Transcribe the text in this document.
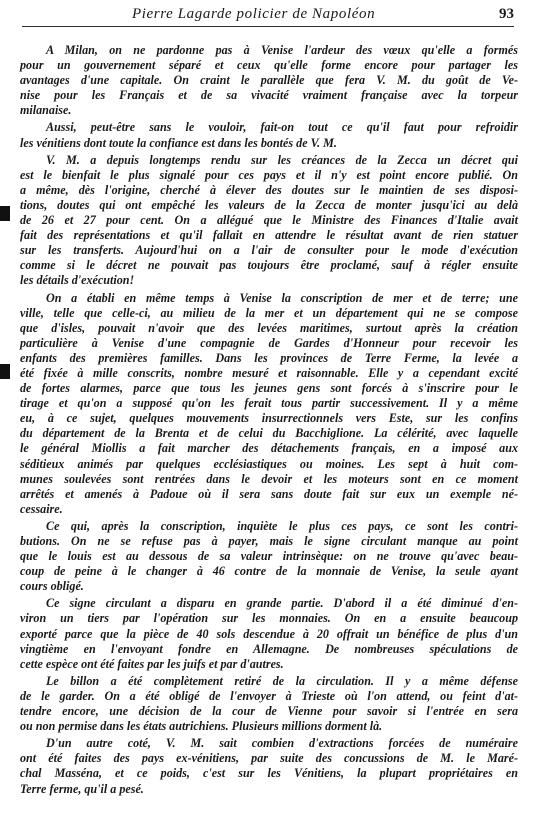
Pierre Lagarde policier de Napoléon	93
A Milan, on ne pardonne pas à Venise l'ardeur des vœux qu'elle a formés
pour un gouvernement séparé et ceux qu'elle forme encore pour partager les
avantages d'une capitale. On craint le parallèle que fera V. M. du goût de Ve-
nise pour les Français et de sa vivacité vraiment française avec la torpeur
milanaise.
Aussi, peut-être sans le vouloir, fait-on tout ce qu'il faut pour refroidir
les vénitiens dont toute la confiance est dans les bontés de V. M.
V. M. a depuis longtemps rendu sur les créances de la Zecca un décret qui
est le bienfait le plus signalé pour ces pays et il n'y est point encore publié. On
a même, dès l'origine, cherché à élever des doutes sur le maintien de ses disposi-
tions, doutes qui ont empêché les valeurs de la Zecca de monter jusqu'ici au delà
de 26 et 27 pour cent. On a allégué que le Ministre des Finances d'Italie avait
fait des représentations et qu'il fallait en attendre le résultat avant de rien statuer
sur les transferts. Aujourd'hui on a l'air de consulter pour le mode d'exécution
comme si le décret ne pouvait pas toujours être proclamé, sauf à régler ensuite
les détails d'exécution!
On a établi en même temps à Venise la conscription de mer et de terre; une
ville, telle que celle-ci, au milieu de la mer et un département qui ne se compose
que d'isles, pouvait n'avoir que des levées maritimes, surtout après la création
particulière à Venise d'une compagnie de Gardes d'Honneur pour recevoir les
enfants des premières familles. Dans les provinces de Terre Ferme, la levée a
été fixée à mille conscrits, nombre mesuré et raisonnable. Elle y a cependant excité
de fortes alarmes, parce que tous les jeunes gens sont forcés à s'inscrire pour le
tirage et qu'on a supposé qu'on les ferait tous partir successivement. Il y a même
eu, à ce sujet, quelques mouvements insurrectionnels vers Este, sur les confins
du département de la Brenta et de celui du Bacchiglione. La célérité, avec laquelle
le général Miollis a fait marcher des détachements français, en a imposé aux
séditieux animés par quelques ecclésiastiques ou moines. Les sept à huit com-
munes soulevées sont rentrées dans le devoir et les moteurs sont en ce moment
arrêtés et amenés à Padoue où il sera sans doute fait sur eux un exemple né-
cessaire.
Ce qui, après la conscription, inquiète le plus ces pays, ce sont les contri-
butions. On ne se refuse pas à payer, mais le signe circulant manque au point
que le louis est au dessous de sa valeur intrinsèque: on ne trouve qu'avec beau-
coup de peine à le changer à 46 contre de la monnaie de Venise, la seule ayant
cours obligé.
Ce signe circulant a disparu en grande partie. D'abord il a été diminué d'en-
viron un tiers par l'opération sur les monnaies. On en a ensuite beaucoup
exporté parce que la pièce de 40 sols descendue à 20 offrait un bénéfice de plus d'un
vingtième en l'envoyant fondre en Allemagne. De nombreuses spéculations de
cette espèce ont été faites par les juifs et par d'autres.
Le billon a été complètement retiré de la circulation. Il y a même défense
de le garder. On a été obligé de l'envoyer à Trieste où l'on attend, ou feint d'at-
tendre encore, une décision de la cour de Vienne pour savoir si l'entrée en sera
ou non permise dans les états autrichiens. Plusieurs millions dorment là.
D'un autre coté, V. M. sait combien d'extractions forcées de numéraire
ont été faites des pays ex-vénitiens, par suite des concussions de M. le Maré-
chal Masséna, et ce poids, c'est sur les Vénitiens, la plupart propriétaires en
Terre ferme, qu'il a pesé.
